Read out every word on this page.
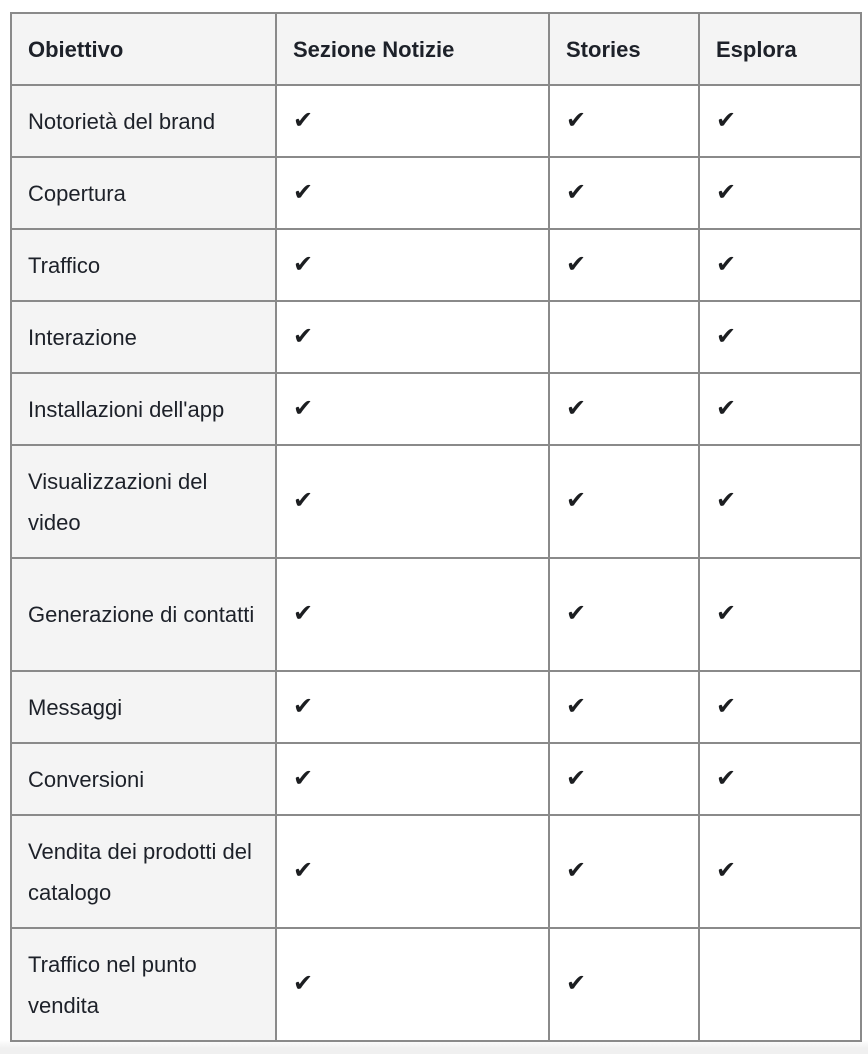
Obiettivo	Sezione Notizie	Stories	Esplora
Notorietà del brand	✔	✔	✔
Copertura	✔	✔	✔
Traffico	✔	✔	✔
Interazione	✔		✔
Installazioni dell'app	✔	✔	✔
Visualizzazioni del video	✔	✔	✔
Generazione di contatti	✔	✔	✔
Messaggi	✔	✔	✔
Conversioni	✔	✔	✔
Vendita dei prodotti del catalogo	✔	✔	✔
Traffico nel punto vendita	✔	✔	
